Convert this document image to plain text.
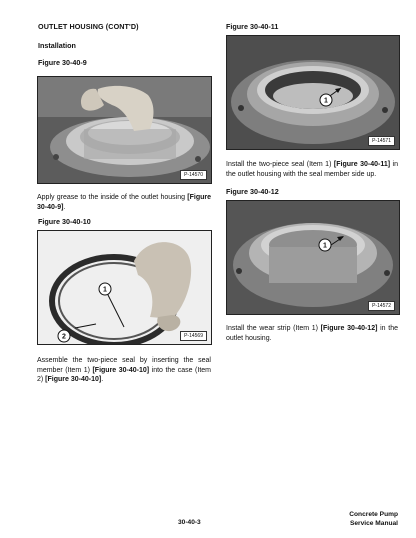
OUTLET HOUSING (CONT'D)
Installation
Figure 30-40-9
P-14570
Apply grease to the inside of the outlet housing [Figure 30-40-9].
Figure 30-40-10
1
2	P-14569
Assemble the two-piece seal by inserting the seal member (Item 1) [Figure 30-40-10] into the case (Item 2) [Figure 30-40-10].
Figure 30-40-11
1
P-14571
Install the two-piece seal (Item 1) [Figure 30-40-11] in the outlet housing with the seal member side up.
Figure 30-40-12
1
P-14572
Install the wear strip (Item 1) [Figure 30-40-12] in the outlet housing.
30-40-3
Concrete Pump
Service Manual
